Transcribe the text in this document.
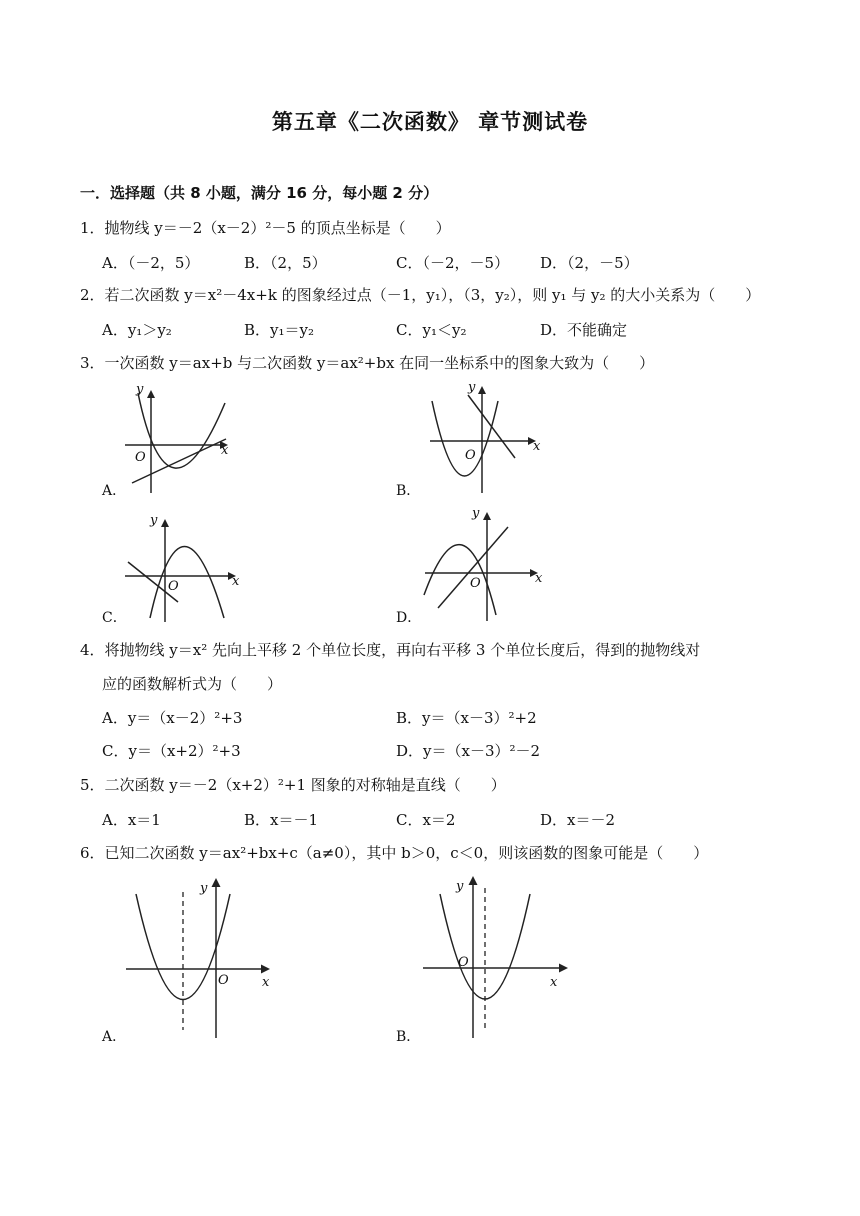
第五章《二次函数》 章节测试卷
一．选择题（共 8 小题，满分 16 分，每小题 2 分）
1．抛物线 y＝－2（x－2）²－5 的顶点坐标是（　　）
A．（－2，5）	B．（2，5）	C．（－2，－5） D．（2，－5）
2．若二次函数 y＝x²－4x+k 的图象经过点（－1，y₁），（3，y₂），则 y₁ 与 y₂ 的大小关系为（　　）
A．y₁＞y₂	B．y₁＝y₂	C．y₁＜y₂	D．不能确定
3．一次函数 y＝ax+b 与二次函数 y＝ax²+bx 在同一坐标系中的图象大致为（　　）
x
y
O
A．
x
y
O
B．
x
y
O
C．
x
y
O
D．
4．将抛物线 y＝x² 先向上平移 2 个单位长度，再向右平移 3 个单位长度后，得到的抛物线对
应的函数解析式为（　　）
A．y＝（x－2）²+3	B．y＝（x－3）²+2
C．y＝（x+2）²+3	D．y＝（x－3）²－2
5．二次函数 y＝－2（x+2）²+1 图象的对称轴是直线（　　）
A．x＝1	B．x＝－1	C．x＝2	D．x＝－2
6．已知二次函数 y＝ax²+bx+c（a≠0），其中 b＞0，c＜0，则该函数的图象可能是（　　）
x
y
O
A．
x
y
O
B．
